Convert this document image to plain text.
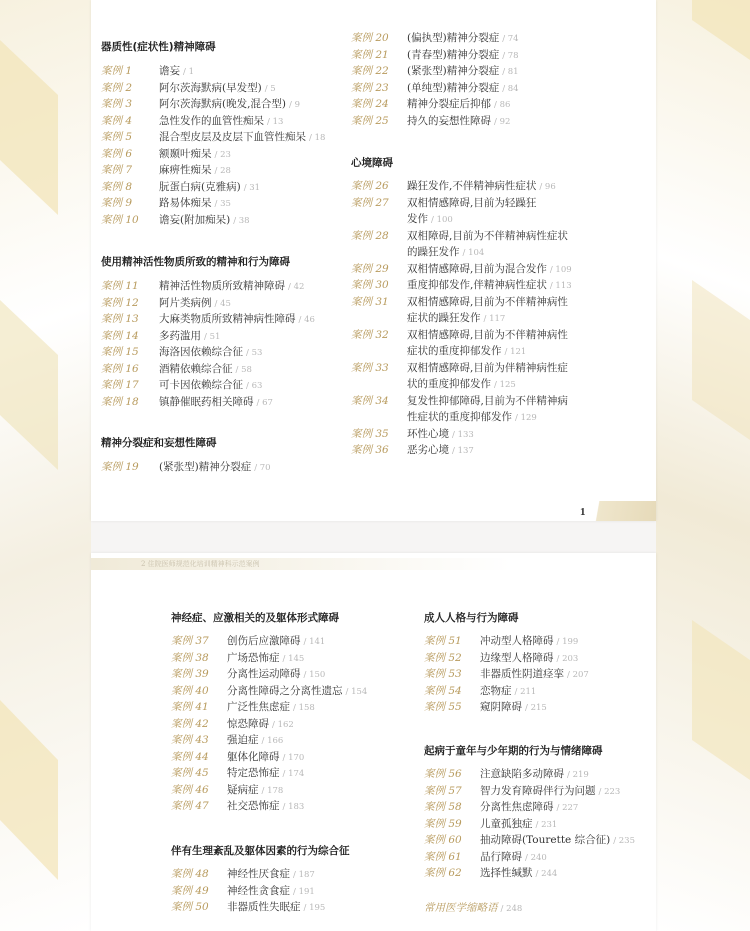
器质性(症状性)精神障碍
案例 1	谵妄 / 1
案例 2	阿尔茨海默病(早发型) / 5
案例 3	阿尔茨海默病(晚发,混合型) / 9
案例 4	急性发作的血管性痴呆 / 13
案例 5	混合型皮层及皮层下血管性痴呆 / 18
案例 6	额颞叶痴呆 / 23
案例 7	麻痹性痴呆 / 28
案例 8	朊蛋白病(克雅病) / 31
案例 9	路易体痴呆 / 35
案例 10 谵妄(附加痴呆) / 38
使用精神活性物质所致的精神和行为障碍
案例 11 精神活性物质所致精神障碍 / 42
案例 12 阿片类病例 / 45
案例 13 大麻类物质所致精神病性障碍 / 46
案例 14 多药滥用 / 51
案例 15 海洛因依赖综合征 / 53
案例 16 酒精依赖综合征 / 58
案例 17 可卡因依赖综合征 / 63
案例 18 镇静催眠药相关障碍 / 67
精神分裂症和妄想性障碍
案例 19 (紧张型)精神分裂症 / 70
案例 20 (偏执型)精神分裂症 / 74
案例 21 (青春型)精神分裂症 / 78
案例 22 (紧张型)精神分裂症 / 81
案例 23 (单纯型)精神分裂症 / 84
案例 24 精神分裂症后抑郁 / 86
案例 25 持久的妄想性障碍 / 92
心境障碍
案例 26 躁狂发作,不伴精神病性症状 / 96
案例 27 双相情感障碍,目前为轻躁狂
发作 / 100
案例 28 双相障碍,目前为不伴精神病性症状
的躁狂发作 / 104
案例 29 双相情感障碍,目前为混合发作 / 109
案例 30 重度抑郁发作,伴精神病性症状 / 113
案例 31 双相情感障碍,目前为不伴精神病性
症状的躁狂发作 / 117
案例 32 双相情感障碍,目前为不伴精神病性
症状的重度抑郁发作 / 121
案例 33 双相情感障碍,目前为伴精神病性症
状的重度抑郁发作 / 125
案例 34 复发性抑郁障碍,目前为不伴精神病
性症状的重度抑郁发作 / 129
案例 35 环性心境 / 133
案例 36 恶劣心境 / 137
1
2 住院医师规范化培训精神科示范案例
神经症、应激相关的及躯体形式障碍
案例 37 创伤后应激障碍 / 141
案例 38 广场恐怖症 / 145
案例 39 分离性运动障碍 / 150
案例 40 分离性障碍之分离性遗忘 / 154
案例 41 广泛性焦虑症 / 158
案例 42 惊恐障碍 / 162
案例 43 强迫症 / 166
案例 44 躯体化障碍 / 170
案例 45 特定恐怖症 / 174
案例 46 疑病症 / 178
案例 47 社交恐怖症 / 183
伴有生理紊乱及躯体因素的行为综合征
案例 48 神经性厌食症 / 187
案例 49 神经性贪食症 / 191
案例 50 非器质性失眠症 / 195
成人人格与行为障碍
案例 51 冲动型人格障碍 / 199
案例 52 边缘型人格障碍 / 203
案例 53 非器质性阴道痉挛 / 207
案例 54 恋物症 / 211
案例 55 窥阴障碍 / 215
起病于童年与少年期的行为与情绪障碍
案例 56 注意缺陷多动障碍 / 219
案例 57 智力发育障碍伴行为问题 / 223
案例 58 分离性焦虑障碍 / 227
案例 59 儿童孤独症 / 231
案例 60 抽动障碍(Tourette 综合征) / 235
案例 61 品行障碍 / 240
案例 62 选择性缄默 / 244
常用医学缩略语 / 248
